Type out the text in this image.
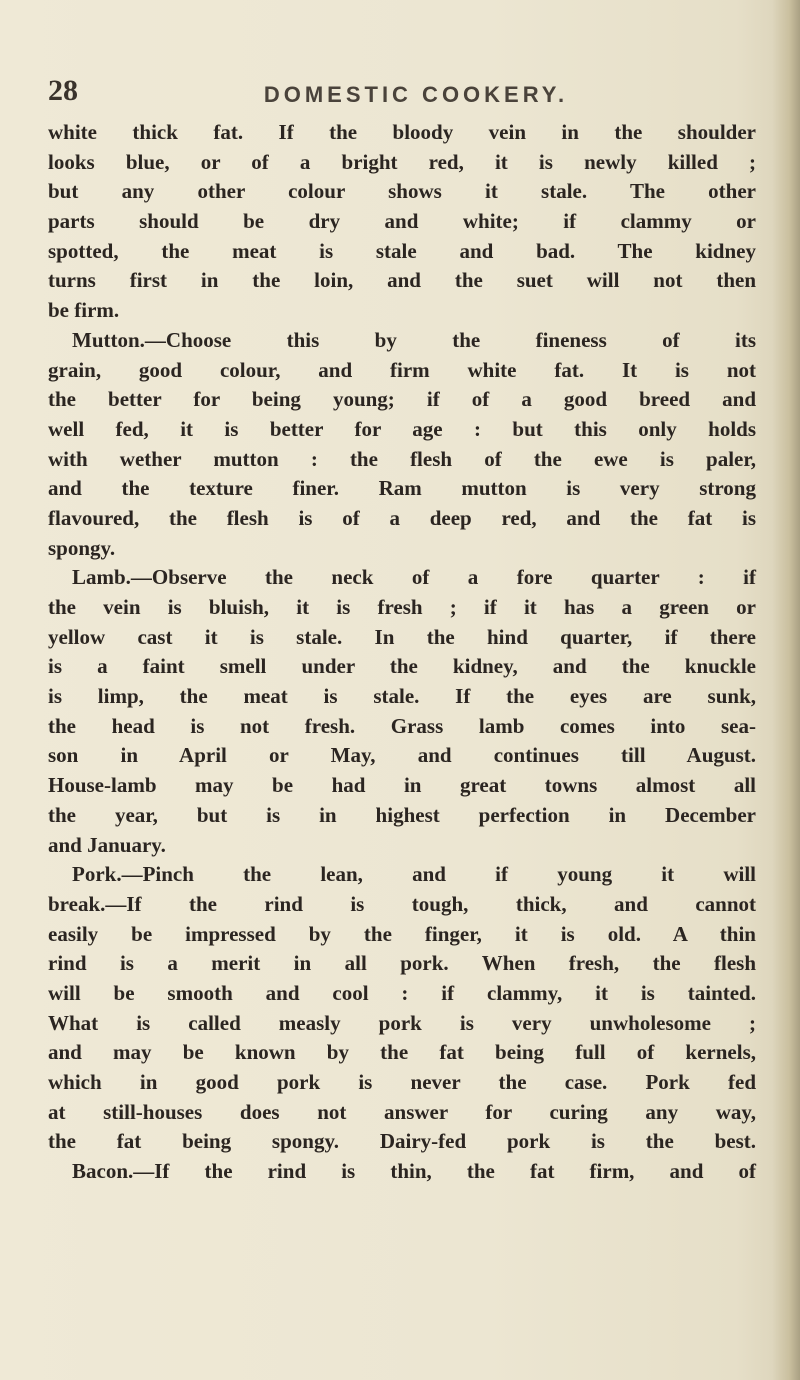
28	DOMESTIC COOKERY.
white thick fat. If the bloody vein in the shoulder
looks blue, or of a bright red, it is newly killed ;
but any other colour shows it stale. The other
parts should be dry and white; if clammy or
spotted, the meat is stale and bad. The kidney
turns first in the loin, and the suet will not then
be firm.
Mutton.—Choose this by the fineness of its
grain, good colour, and firm white fat. It is not
the better for being young; if of a good breed and
well fed, it is better for age : but this only holds
with wether mutton : the flesh of the ewe is paler,
and the texture finer. Ram mutton is very strong
flavoured, the flesh is of a deep red, and the fat is
spongy.
Lamb.—Observe the neck of a fore quarter : if
the vein is bluish, it is fresh ; if it has a green or
yellow cast it is stale. In the hind quarter, if there
is a faint smell under the kidney, and the knuckle
is limp, the meat is stale. If the eyes are sunk,
the head is not fresh. Grass lamb comes into sea-
son in April or May, and continues till August.
House-lamb may be had in great towns almost all
the year, but is in highest perfection in December
and January.
Pork.—Pinch the lean, and if young it will
break.—If the rind is tough, thick, and cannot
easily be impressed by the finger, it is old. A thin
rind is a merit in all pork. When fresh, the flesh
will be smooth and cool : if clammy, it is tainted.
What is called measly pork is very unwholesome ;
and may be known by the fat being full of kernels,
which in good pork is never the case. Pork fed
at still-houses does not answer for curing any way,
the fat being spongy. Dairy-fed pork is the best.
Bacon.—If the rind is thin, the fat firm, and of
